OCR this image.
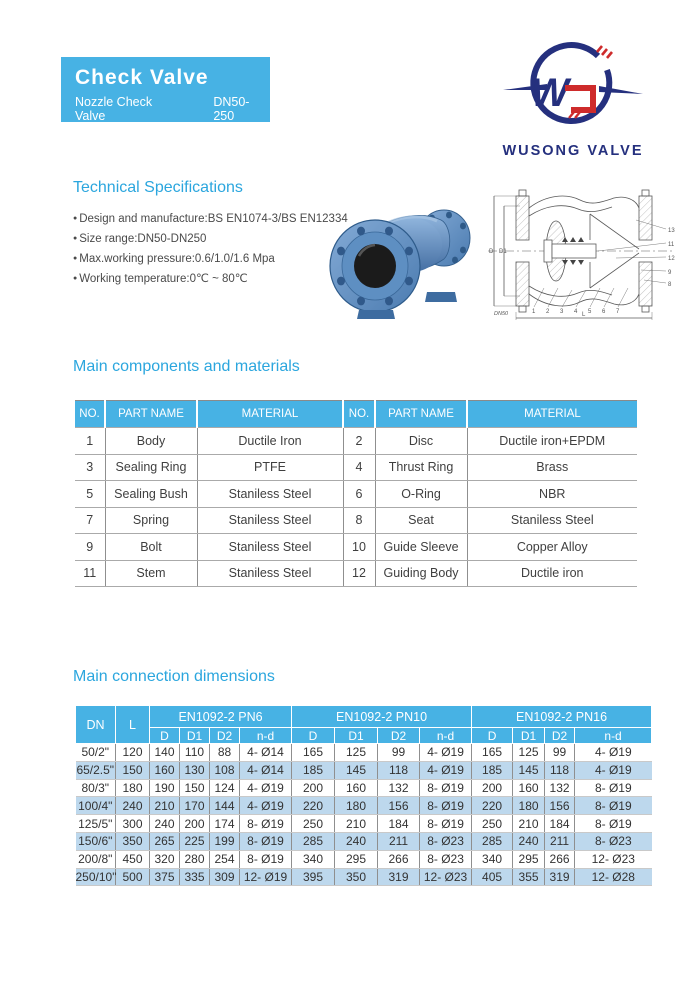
Check Valve
Nozzle Check Valve
DN50-250
W
WUSONG VALVE
Technical Specifications
● Design and manufacture:BS EN1074-3/BS EN12334
● Size range:DN50-DN250
● Max.working pressure:0.6/1.0/1.6 Mpa
● Working temperature:0℃ ~ 80℃
D D1
L
DN50	1 2 3 4 5 6 7
13
11
12
9
8
Main components and materials
NO.	PART NAME	MATERIAL	NO.	PART NAME	MATERIAL
1	Body	Ductile Iron	2	Disc	Ductile iron+EPDM
3	Sealing Ring	PTFE	4	Thrust Ring	Brass
5	Sealing Bush	Staniless Steel	6	O-Ring	NBR
7	Spring	Staniless Steel	8	Seat	Staniless Steel
9	Bolt	Staniless Steel	10	Guide Sleeve	Copper Alloy
11	Stem	Staniless Steel	12	Guiding Body	Ductile iron
Main connection dimensions
DN	L	EN1092-2 PN6				EN1092-2 PN10				EN1092-2 PN16			
		D	D1	D2	n-d	D	D1	D2	n-d	D	D1	D2	n-d
50/2"	120	140	110	88	4- Ø14	165	125	99	4- Ø19	165	125	99	4- Ø19
65/2.5"	150	160	130	108	4- Ø14	185	145	118	4- Ø19	185	145	118	4- Ø19
80/3"	180	190	150	124	4- Ø19	200	160	132	8- Ø19	200	160	132	8- Ø19
100/4"	240	210	170	144	4- Ø19	220	180	156	8- Ø19	220	180	156	8- Ø19
125/5"	300	240	200	174	8- Ø19	250	210	184	8- Ø19	250	210	184	8- Ø19
150/6"	350	265	225	199	8- Ø19	285	240	211	8- Ø23	285	240	211	8- Ø23
200/8"	450	320	280	254	8- Ø19	340	295	266	8- Ø23	340	295	266	12- Ø23
250/10"	500	375	335	309	12- Ø19	395	350	319	12- Ø23	405	355	319	12- Ø28
